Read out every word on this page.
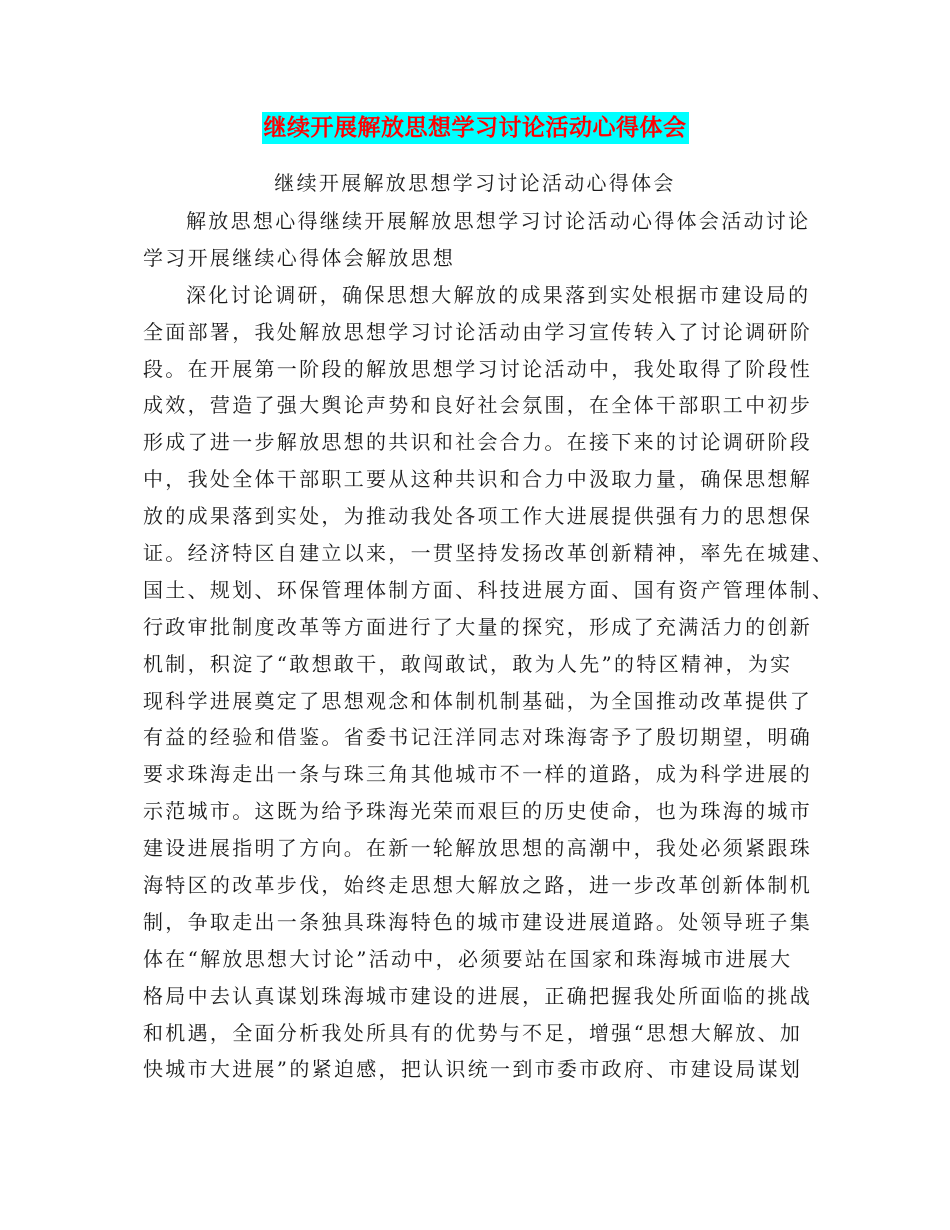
继续开展解放思想学习讨论活动心得体会
继续开展解放思想学习讨论活动心得体会
解放思想心得继续开展解放思想学习讨论活动心得体会活动讨论
学习开展继续心得体会解放思想
深化讨论调研，确保思想大解放的成果落到实处根据市建设局的
全面部署，我处解放思想学习讨论活动由学习宣传转入了讨论调研阶
段。在开展第一阶段的解放思想学习讨论活动中，我处取得了阶段性
成效，营造了强大舆论声势和良好社会氛围，在全体干部职工中初步
形成了进一步解放思想的共识和社会合力。在接下来的讨论调研阶段
中，我处全体干部职工要从这种共识和合力中汲取力量，确保思想解
放的成果落到实处，为推动我处各项工作大进展提供强有力的思想保
证。经济特区自建立以来，一贯坚持发扬改革创新精神，率先在城建、
国土、规划、环保管理体制方面、科技进展方面、国有资产管理体制、
行政审批制度改革等方面进行了大量的探究，形成了充满活力的创新
机制，积淀了“敢想敢干，敢闯敢试，敢为人先”的特区精神，为实
现科学进展奠定了思想观念和体制机制基础，为全国推动改革提供了
有益的经验和借鉴。省委书记汪洋同志对珠海寄予了殷切期望，明确
要求珠海走出一条与珠三角其他城市不一样的道路，成为科学进展的
示范城市。这既为给予珠海光荣而艰巨的历史使命，也为珠海的城市
建设进展指明了方向。在新一轮解放思想的高潮中，我处必须紧跟珠
海特区的改革步伐，始终走思想大解放之路，进一步改革创新体制机
制，争取走出一条独具珠海特色的城市建设进展道路。处领导班子集
体在“解放思想大讨论”活动中，必须要站在国家和珠海城市进展大
格局中去认真谋划珠海城市建设的进展，正确把握我处所面临的挑战
和机遇，全面分析我处所具有的优势与不足，增强“思想大解放、加
快城市大进展”的紧迫感，把认识统一到市委市政府、市建设局谋划
